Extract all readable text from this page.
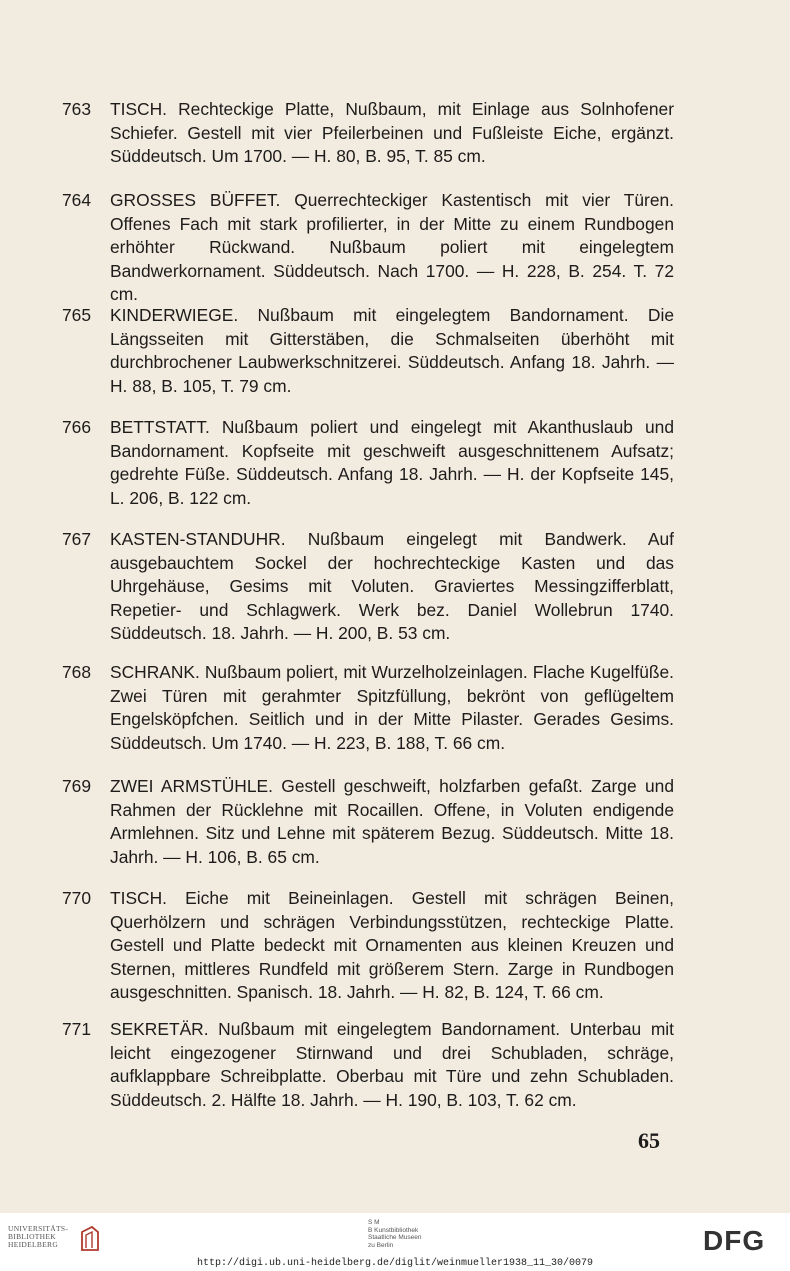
763 TISCH. Rechteckige Platte, Nußbaum, mit Einlage aus Solnhofener Schiefer. Gestell mit vier Pfeilerbeinen und Fußleiste Eiche, ergänzt. Süddeutsch. Um 1700. — H. 80, B. 95, T. 85 cm.
764 GROSSES BÜFFET. Querrechteckiger Kastentisch mit vier Türen. Offenes Fach mit stark profilierter, in der Mitte zu einem Rundbogen erhöhter Rückwand. Nußbaum poliert mit eingelegtem Bandwerkornament. Süddeutsch. Nach 1700. — H. 228, B. 254. T. 72 cm.
765 KINDERWIEGE. Nußbaum mit eingelegtem Bandornament. Die Längsseiten mit Gitterstäben, die Schmalseiten überhöht mit durchbrochener Laubwerkschnitzerei. Süddeutsch. Anfang 18. Jahrh. — H. 88, B. 105, T. 79 cm.
766 BETTSTATT. Nußbaum poliert und eingelegt mit Akanthuslaub und Bandornament. Kopfseite mit geschweift ausgeschnittenem Aufsatz; gedrehte Füße. Süddeutsch. Anfang 18. Jahrh. — H. der Kopfseite 145, L. 206, B. 122 cm.
767 KASTEN-STANDUHR. Nußbaum eingelegt mit Bandwerk. Auf ausgebauchtem Sockel der hochrechteckige Kasten und das Uhrgehäuse, Gesims mit Voluten. Graviertes Messingzifferblatt, Repetier- und Schlagwerk. Werk bez. Daniel Wollebrun 1740. Süddeutsch. 18. Jahrh. — H. 200, B. 53 cm.
768 SCHRANK. Nußbaum poliert, mit Wurzelholzeinlagen. Flache Kugelfüße. Zwei Türen mit gerahmter Spitzfüllung, bekrönt von geflügeltem Engelsköpfchen. Seitlich und in der Mitte Pilaster. Gerades Gesims. Süddeutsch. Um 1740. — H. 223, B. 188, T. 66 cm.
769 ZWEI ARMSTÜHLE. Gestell geschweift, holzfarben gefaßt. Zarge und Rahmen der Rücklehne mit Rocaillen. Offene, in Voluten endigende Armlehnen. Sitz und Lehne mit späterem Bezug. Süddeutsch. Mitte 18. Jahrh. — H. 106, B. 65 cm.
770 TISCH. Eiche mit Beineinlagen. Gestell mit schrägen Beinen, Querhölzern und schrägen Verbindungsstützen, rechteckige Platte. Gestell und Platte bedeckt mit Ornamenten aus kleinen Kreuzen und Sternen, mittleres Rundfeld mit größerem Stern. Zarge in Rundbogen ausgeschnitten. Spanisch. 18. Jahrh. — H. 82, B. 124, T. 66 cm.
771 SEKRETÄR. Nußbaum mit eingelegtem Bandornament. Unterbau mit leicht eingezogener Stirnwand und drei Schubladen, schräge, aufklappbare Schreibplatte. Oberbau mit Türe und zehn Schubladen. Süddeutsch. 2. Hälfte 18. Jahrh. — H. 190, B. 103, T. 62 cm.
65
UNIVERSITÄTS-
BIBLIOTHEK
HEIDELBERG
S M
B Kunstbibliothek
Staatliche Museen
zu Berlin	DFG
http://digi.ub.uni-heidelberg.de/diglit/weinmueller1938_11_30/0079
